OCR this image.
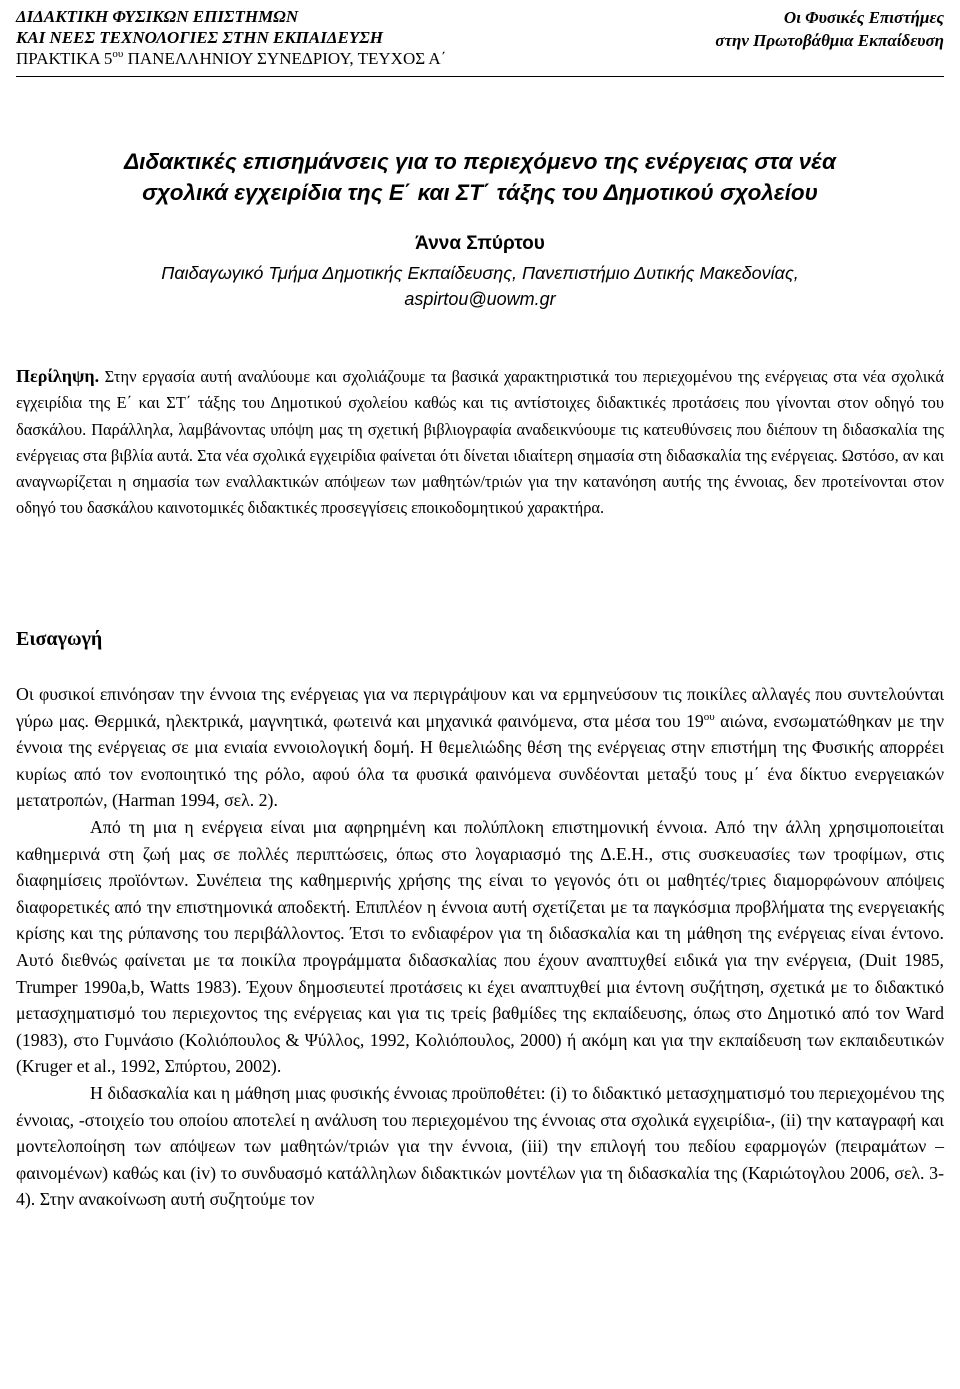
ΔΙΔΑΚΤΙΚΗ ΦΥΣΙΚΩΝ ΕΠΙΣΤΗΜΩΝ
ΚΑΙ ΝΕΕΣ ΤΕΧΝΟΛΟΓΙΕΣ ΣΤΗΝ ΕΚΠΑΙΔΕΥΣΗ
ΠΡΑΚΤΙΚΑ $5^{o\upsilon}$ ΠΑΝΕΛΛΗΝΙΟΥ ΣΥΝΕΔΡΙΟΥ, ΤΕΥΧΟΣ Α΄
Οι Φυσικές Επιστήμες
στην Πρωτοβάθμια Εκπαίδευση
Διδακτικές επισημάνσεις για το περιεχόμενο της ενέργειας στα νέα
σχολικά εγχειρίδια της Ε΄ και ΣΤ΄ τάξης του Δημοτικού σχολείου
Άννα Σπύρτου
Παιδαγωγικό Τμήμα Δημοτικής Εκπαίδευσης, Πανεπιστήμιο Δυτικής Μακεδονίας,
aspirtou@uowm.gr
Περίληψη. Στην εργασία αυτή αναλύουμε και σχολιάζουμε τα βασικά χαρακτηριστικά του περιεχομένου της ενέργειας στα νέα σχολικά εγχειρίδια της Ε΄ και ΣΤ΄ τάξης του Δημοτικού σχολείου καθώς και τις αντίστοιχες διδακτικές προτάσεις που γίνονται στον οδηγό του δασκάλου. Παράλληλα, λαμβάνοντας υπόψη μας τη σχετική βιβλιογραφία αναδεικνύουμε τις κατευθύνσεις που διέπουν τη διδασκαλία της ενέργειας στα βιβλία αυτά. Στα νέα σχολικά εγχειρίδια φαίνεται ότι δίνεται ιδιαίτερη σημασία στη διδασκαλία της ενέργειας. Ωστόσο, αν και αναγνωρίζεται η σημασία των εναλλακτικών απόψεων των μαθητών/τριών για την κατανόηση αυτής της έννοιας, δεν προτείνονται στον οδηγό του δασκάλου καινοτομικές διδακτικές προσεγγίσεις εποικοδομητικού χαρακτήρα.
Εισαγωγή

Οι φυσικοί επινόησαν την έννοια της ενέργειας για να περιγράψουν και να ερμηνεύσουν τις ποικίλες αλλαγές που συντελούνται γύρω μας. Θερμικά, ηλεκτρικά, μαγνητικά, φωτεινά και μηχανικά φαινόμενα, στα μέσα του $19^{o\upsilon}$ αιώνα, ενσωματώθηκαν με την έννοια της ενέργειας σε μια ενιαία εννοιολογική δομή. Η θεμελιώδης θέση της ενέργειας στην επιστήμη της Φυσικής απορρέει κυρίως από τον ενοποιητικό της ρόλο, αφού όλα τα φυσικά φαινόμενα συνδέονται μεταξύ τους μ΄ ένα δίκτυο ενεργειακών μετατροπών, (Harman 1994, σελ. 2).

Από τη μια η ενέργεια είναι μια αφηρημένη και πολύπλοκη επιστημονική έννοια. Από την άλλη χρησιμοποιείται καθημερινά στη ζωή μας σε πολλές περιπτώσεις, όπως στο λογαριασμό της Δ.Ε.Η., στις συσκευασίες των τροφίμων, στις διαφημίσεις προϊόντων. Συνέπεια της καθημερινής χρήσης της είναι το γεγονός ότι οι μαθητές/τριες διαμορφώνουν απόψεις διαφορετικές από την επιστημονικά αποδεκτή. Επιπλέον η έννοια αυτή σχετίζεται με τα παγκόσμια προβλήματα της ενεργειακής κρίσης και της ρύπανσης του περιβάλλοντος. Έτσι το ενδιαφέρον για τη διδασκαλία και τη μάθηση της ενέργειας είναι έντονο. Αυτό διεθνώς φαίνεται με τα ποικίλα προγράμματα διδασκαλίας που έχουν αναπτυχθεί ειδικά για την ενέργεια, (Duit 1985, Trumper 1990a,b, Watts 1983). Έχουν δημοσιευτεί προτάσεις κι έχει αναπτυχθεί μια έντονη συζήτηση, σχετικά με το διδακτικό μετασχηματισμό του περιεχοντος της ενέργειας και για τις τρείς βαθμίδες της εκπαίδευσης, όπως στο Δημοτικό από τον Ward (1983), στο Γυμνάσιο (Κολιόπουλος & Ψύλλος, 1992, Κολιόπουλος, 2000) ή ακόμη και για την εκπαίδευση των εκπαιδευτικών (Kruger et al., 1992, Σπύρτου, 2002).

Η διδασκαλία και η μάθηση μιας φυσικής έννοιας προϋποθέτει: (i) το διδακτικό μετασχηματισμό του περιεχομένου της έννοιας, -στοιχείο του οποίου αποτελεί η ανάλυση του περιεχομένου της έννοιας στα σχολικά εγχειρίδια-, (ii) την καταγραφή και μοντελοποίηση των απόψεων των μαθητών/τριών για την έννοια, (iii) την επιλογή του πεδίου εφαρμογών (πειραμάτων – φαινομένων) καθώς και (iv) το συνδυασμό κατάλληλων διδακτικών μοντέλων για τη διδασκαλία της (Καριώτογλου 2006, σελ. 3-4). Στην ανακοίνωση αυτή συζητούμε τον
